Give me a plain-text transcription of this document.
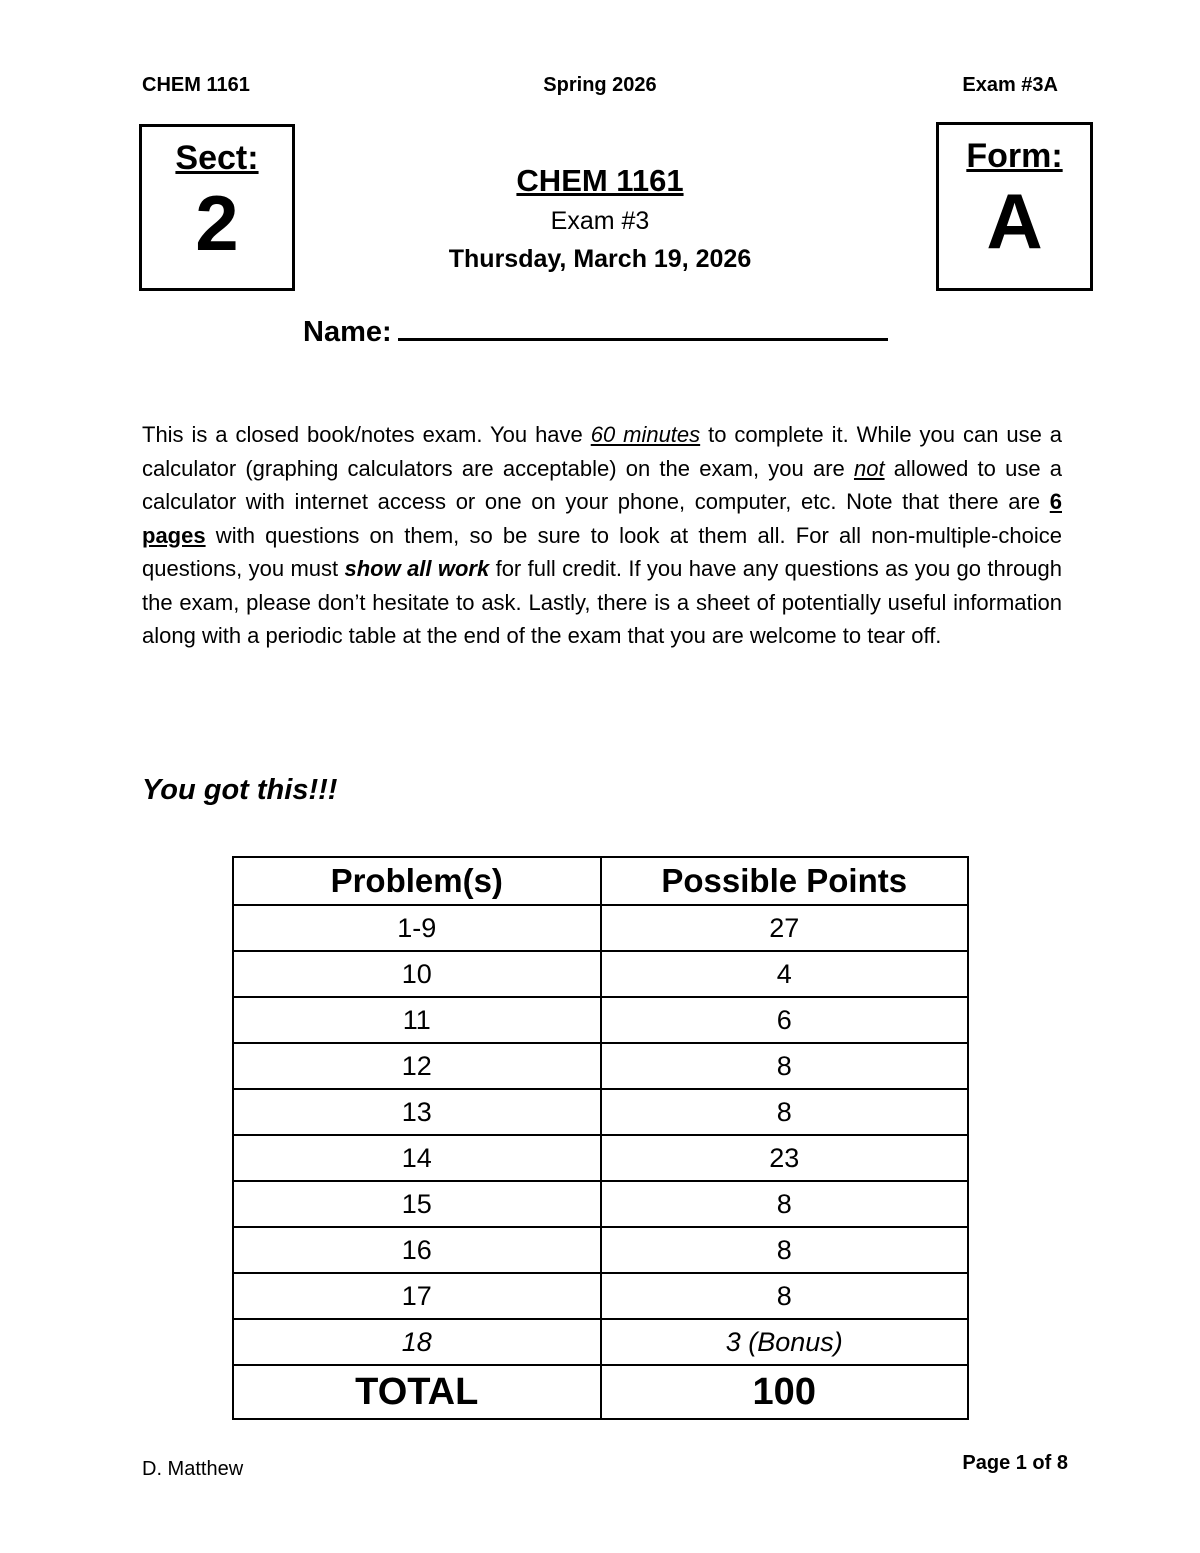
CHEM 1161	Spring 2026	Exam #3A
Sect:
2	CHEM 1161
Exam #3
Thursday, March 19, 2026
Form:
A
Name:
This is a closed book/notes exam. You have 60 minutes to complete it. While you can use a calculator (graphing calculators are acceptable) on the exam, you are not allowed to use a calculator with internet access or one on your phone, computer, etc. Note that there are 6 pages with questions on them, so be sure to look at them all. For all non-multiple-choice questions, you must show all work for full credit. If you have any questions as you go through the exam, please don’t hesitate to ask. Lastly, there is a sheet of potentially useful information along with a periodic table at the end of the exam that you are welcome to tear off.
You got this!!!
Problem(s)	Possible Points
1-9	27
10	4
11	6
12	8
13	8
14	23
15	8
16	8
17	8
18	3 (Bonus)
TOTAL	100
D. Matthew	Page 1 of 8
